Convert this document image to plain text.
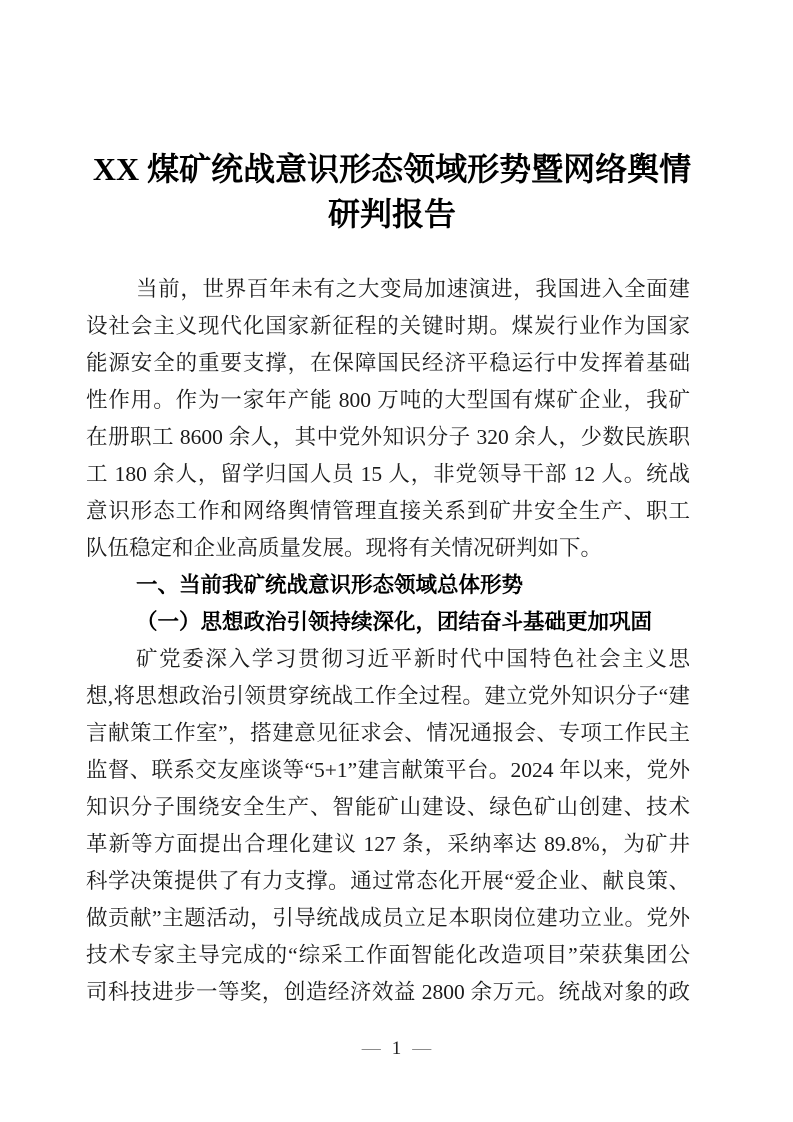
XX 煤矿统战意识形态领域形势暨网络舆情研判报告
当前，世界百年未有之大变局加速演进，我国进入全面建
设社会主义现代化国家新征程的关键时期。煤炭行业作为国家
能源安全的重要支撑，在保障国民经济平稳运行中发挥着基础
性作用。作为一家年产能 800 万吨的大型国有煤矿企业，我矿
在册职工 8600 余人，其中党外知识分子 320 余人，少数民族职
工 180 余人，留学归国人员 15 人，非党领导干部 12 人。统战
意识形态工作和网络舆情管理直接关系到矿井安全生产、职工
队伍稳定和企业高质量发展。现将有关情况研判如下。
一、当前我矿统战意识形态领域总体形势
（一）思想政治引领持续深化，团结奋斗基础更加巩固
矿党委深入学习贯彻习近平新时代中国特色社会主义思
想,将思想政治引领贯穿统战工作全过程。建立党外知识分子“建
言献策工作室”，搭建意见征求会、情况通报会、专项工作民主
监督、联系交友座谈等“5+1”建言献策平台。2024 年以来，党外
知识分子围绕安全生产、智能矿山建设、绿色矿山创建、技术
革新等方面提出合理化建议 127 条，采纳率达 89.8%，为矿井
科学决策提供了有力支撑。通过常态化开展“爱企业、献良策、
做贡献”主题活动，引导统战成员立足本职岗位建功立业。党外
技术专家主导完成的“综采工作面智能化改造项目”荣获集团公
司科技进步一等奖，创造经济效益 2800 余万元。统战对象的政
— 1 —
